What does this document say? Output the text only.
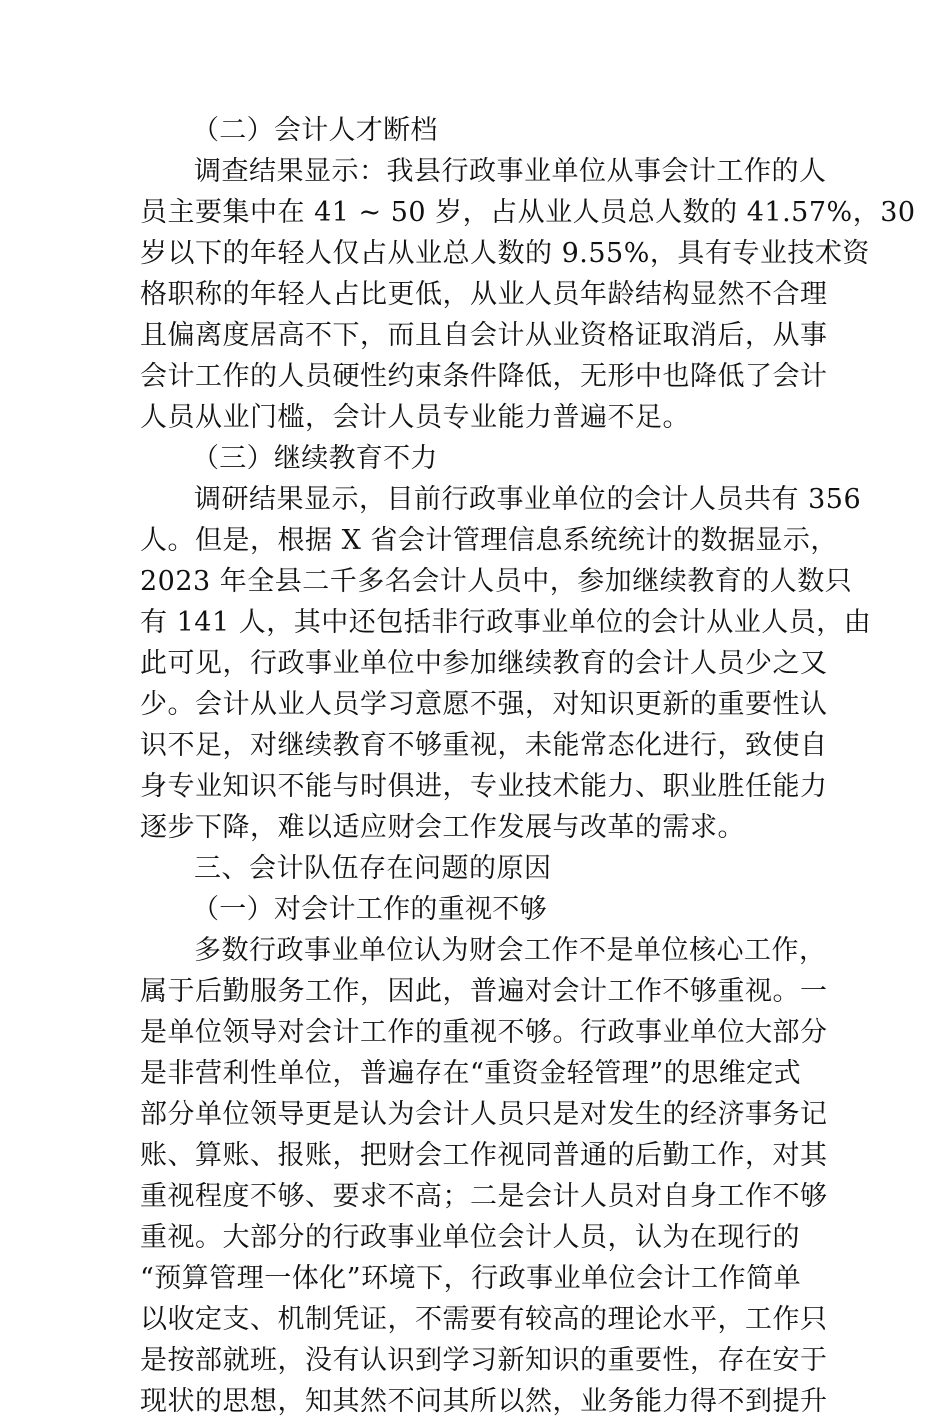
（二）会计人才断档
调查结果显示：我县行政事业单位从事会计工作的人
员主要集中在 41 ~ 50 岁，占从业人员总人数的 41.57%，30
岁以下的年轻人仅占从业总人数的 9.55%，具有专业技术资
格职称的年轻人占比更低，从业人员年龄结构显然不合理
且偏离度居高不下，而且自会计从业资格证取消后，从事
会计工作的人员硬性约束条件降低，无形中也降低了会计
人员从业门槛，会计人员专业能力普遍不足。
（三）继续教育不力
调研结果显示，目前行政事业单位的会计人员共有 356
人。但是，根据 X 省会计管理信息系统统计的数据显示，
2023 年全县二千多名会计人员中，参加继续教育的人数只
有 141 人，其中还包括非行政事业单位的会计从业人员，由
此可见，行政事业单位中参加继续教育的会计人员少之又
少。会计从业人员学习意愿不强，对知识更新的重要性认
识不足，对继续教育不够重视，未能常态化进行，致使自
身专业知识不能与时俱进，专业技术能力、职业胜任能力
逐步下降，难以适应财会工作发展与改革的需求。
三、会计队伍存在问题的原因
（一）对会计工作的重视不够
多数行政事业单位认为财会工作不是单位核心工作，
属于后勤服务工作，因此，普遍对会计工作不够重视。一
是单位领导对会计工作的重视不够。行政事业单位大部分
是非营利性单位，普遍存在“重资金轻管理”的思维定式
部分单位领导更是认为会计人员只是对发生的经济事务记
账、算账、报账，把财会工作视同普通的后勤工作，对其
重视程度不够、要求不高；二是会计人员对自身工作不够
重视。大部分的行政事业单位会计人员，认为在现行的
“预算管理一体化”环境下，行政事业单位会计工作简单
以收定支、机制凭证，不需要有较高的理论水平，工作只
是按部就班，没有认识到学习新知识的重要性，存在安于
现状的思想，知其然不问其所以然，业务能力得不到提升
